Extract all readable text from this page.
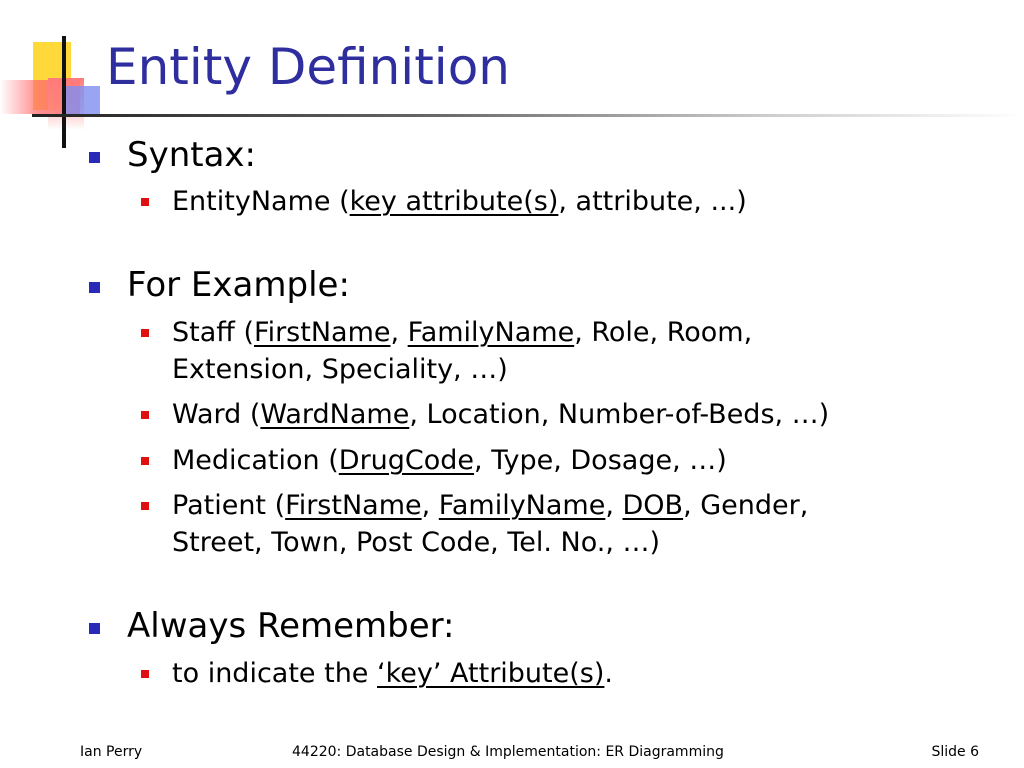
Entity Definition
Syntax:
EntityName (key attribute(s), attribute, ...)
For Example:
Staff (FirstName, FamilyName, Role, Room,
Extension, Speciality, …)
Ward (WardName, Location, Number-of-Beds, …)
Medication (DrugCode, Type, Dosage, …)
Patient (FirstName, FamilyName, DOB, Gender,
Street, Town, Post Code, Tel. No., …)
Always Remember:
to indicate the ‘key’ Attribute(s).
Ian Perry	44220: Database Design & Implementation: ER Diagramming	Slide 6
